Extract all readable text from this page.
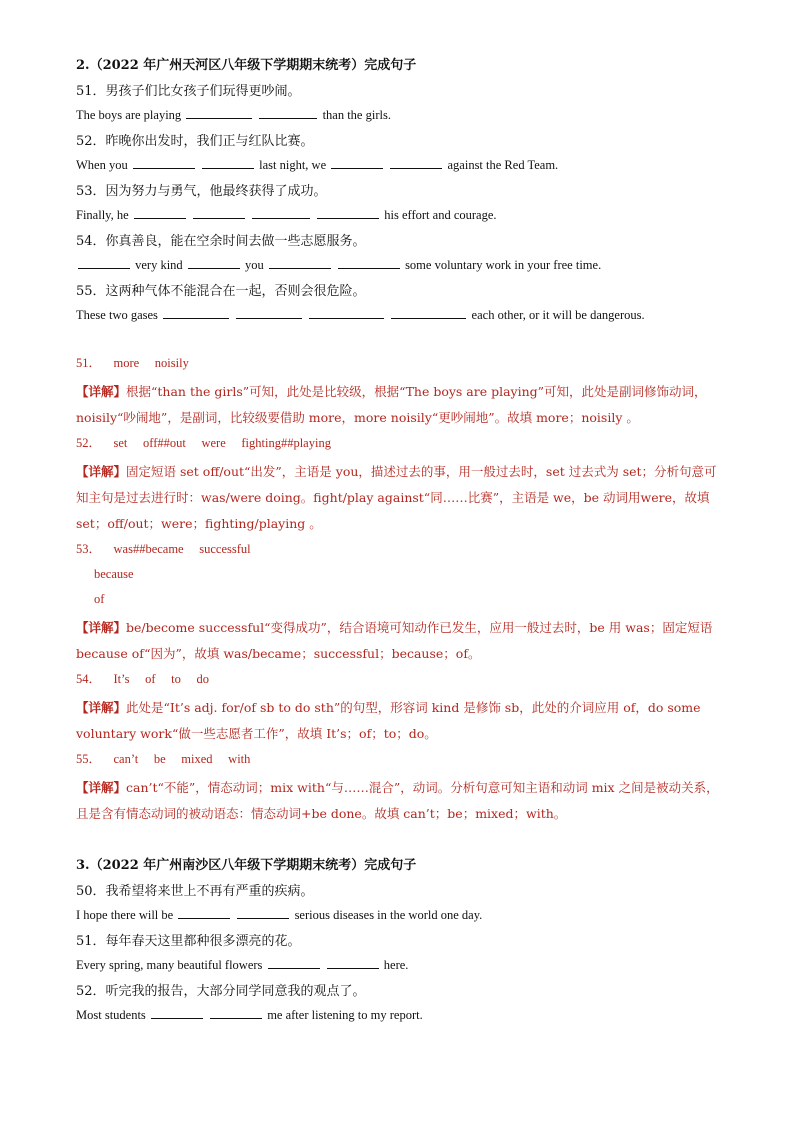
2.（2022 年广州天河区八年级下学期期末统考）完成句子
51．男孩子们比女孩子们玩得更吵闹。
The boys are playing	than the girls.
52．昨晚你出发时，我们正与红队比赛。
When you	last night, we	against the Red Team.
53．因为努力与勇气，他最终获得了成功。
Finally, he	his effort and courage.
54．你真善良，能在空余时间去做一些志愿服务。
very kind	you	some voluntary work in your free time.
55．这两种气体不能混合在一起，否则会很危险。
These two gases	each other, or it will be dangerous.
51．    more     noisily
【详解】根据“than the girls”可知，此处是比较级，根据“The boys are playing”可知，此处是副词修饰动词，noisily“吵闹地”，是副词，比较级要借助 more，more noisily“更吵闹地”。故填 more；noisily 。
52．    set     off##out     were     fighting##playing
【详解】固定短语 set off/out“出发”，主语是 you，描述过去的事，用一般过去时，set 过去式为 set；分析句意可知主句是过去进行时：was/were doing。fight/play against“同……比赛”，主语是 we，be 动词用were，故填 set；off/out；were；fighting/playing 。
53．    was##became     successful
because
of
【详解】be/become successful“变得成功”，结合语境可知动作已发生，应用一般过去时，be 用 was；固定短语 because of“因为”，故填 was/became；successful；because；of。
54．    It’s     of     to     do
【详解】此处是“It’s adj. for/of sb to do sth”的句型，形容词 kind 是修饰 sb，此处的介词应用 of，do some voluntary work“做一些志愿者工作”，故填 It’s；of；to；do。
55．    can’t     be     mixed     with
【详解】can’t“不能”，情态动词；mix with“与……混合”，动词。分析句意可知主语和动词 mix 之间是被动关系， 且是含有情态动词的被动语态：情态动词+be done。故填 can’t；be；mixed；with。
3.（2022 年广州南沙区八年级下学期期末统考）完成句子
50．我希望将来世上不再有严重的疾病。
I hope there will be	serious diseases in the world one day.
51．每年春天这里都种很多漂亮的花。
Every spring, many beautiful flowers	here.
52．听完我的报告，大部分同学同意我的观点了。
Most students	me after listening to my report.
